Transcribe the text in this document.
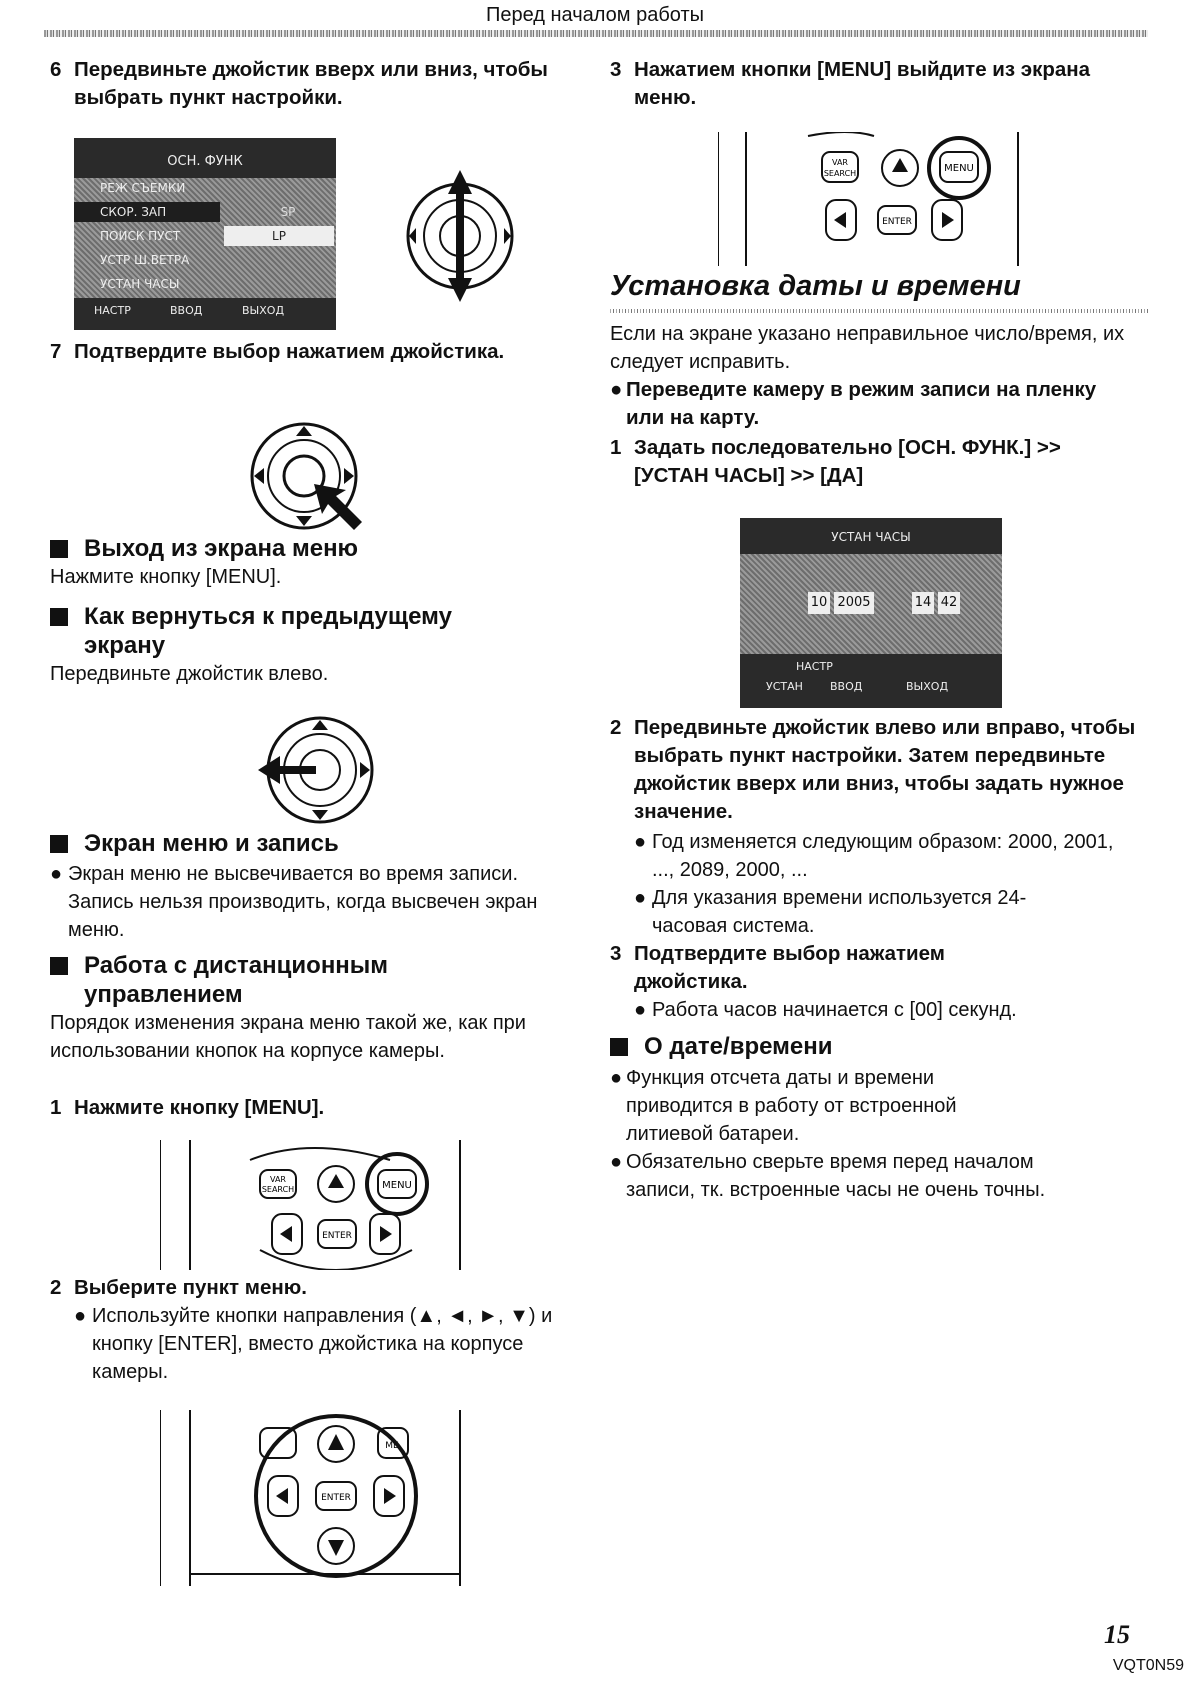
Перед началом работы
6 Передвиньте джойстик вверх или вниз, чтобы выбрать пункт настройки.
ОСН. ФУНК
РЕЖ СЪЕМКИ
СКОР. ЗАП
ПОИСК ПУСТ
УСТР Ш.ВЕТРА
УСТАН ЧАСЫ
SP
LP
НАСТР	ВВОД	ВЫХОД
7 Подтвердите выбор нажатием джойстика.
Выход из экрана меню
Нажмите кнопку [MENU].
Как вернуться к предыдущему экрану
Передвиньте джойстик влево.
Экран меню и запись
● Экран меню не высвечивается во время записи. Запись нельзя производить, когда высвечен экран меню.
Работа с дистанционным управлением
Порядок изменения экрана меню такой же, как при использовании кнопок на корпусе камеры.
1 Нажмите кнопку [MENU].
VAR
SEARCH	MENU
ENTER
2 Выберите пункт меню.
● Используйте кнопки направления (▲, ◄, ►, ▼) и кнопку [ENTER], вместо джойстика на корпусе камеры.
ME
ENTER
3 Нажатием кнопки [MENU] выйдите из экрана меню.
VAR
SEARCH	MENU
ENTER
Установка даты и времени
Если на экране указано неправильное число/время, их следует исправить.
● Переведите камеру в режим записи на пленку или на карту.
1 Задать последовательно [ОСН. ФУНК.] >> [УСТАН ЧАСЫ] >> [ДА]
УСТАН ЧАСЫ
10 2005	14 42
НАСТР
УСТАН ВВОД	ВЫХОД
2 Передвиньте джойстик влево или вправо, чтобы выбрать пункт настройки. Затем передвиньте джойстик вверх или вниз, чтобы задать нужное значение.
● Год изменяется следующим образом: 2000, 2001, ..., 2089, 2000, ...
● Для указания времени используется 24-часовая система.
3 Подтвердите выбор нажатием джойстика.
● Работа часов начинается с [00] секунд.
О дате/времени
● Функция отсчета даты и времени приводится в работу от встроенной литиевой батареи.
● Обязательно сверьте время перед началом записи, тк. встроенные часы не очень точны.
15
VQT0N59
